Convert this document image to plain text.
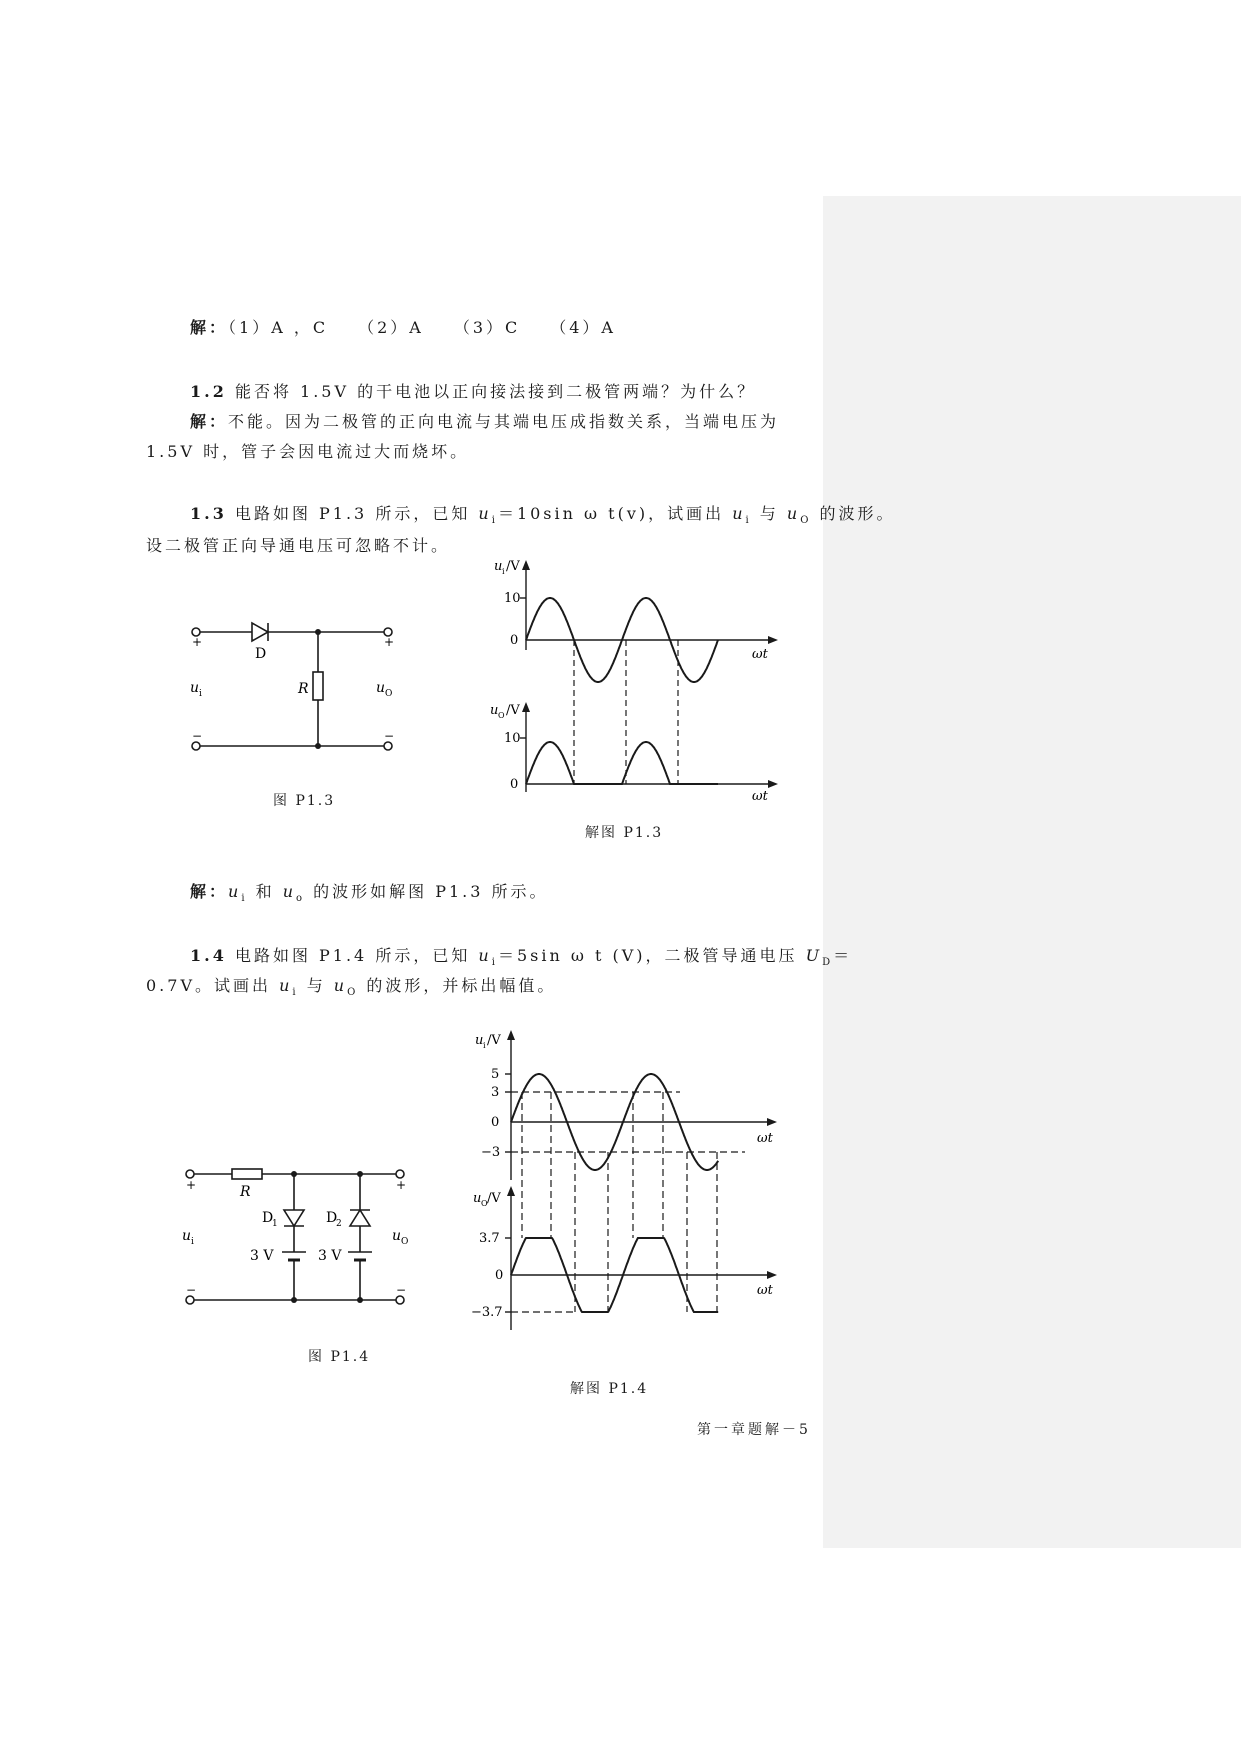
解：（1）A ，C　　（2）A　　（3）C　　（4）A
1.2 能否将 1.5V 的干电池以正向接法接到二极管两端？为什么？
解：不能。因为二极管的正向电流与其端电压成指数关系，当端电压为
1.5V 时，管子会因电流过大而烧坏。
1.3 电路如图 P1.3 所示，已知 $u_i=10\sin$ ω t(v)，试画出 $u_i$ 与 $u_O$ 的波形。
设二极管正向导通电压可忽略不计。
+	+
−	−
D
R
u i	u O
图 P1.3
u i /V
10
0
ωt
u O /V
10
0
ωt
解图 P1.3
解：$u_i$ 和 $u_o$ 的波形如解图 P1.3 所示。
1.4 电路如图 P1.4 所示，已知 $u_i=5\sin$ ω t (V)，二极管导通电压 $U_D=$
0.7V。试画出 $u_i$ 与 $u_O$ 的波形，并标出幅值。
+	+
−	−
R
D
1	D
2
3 V	3 V
u i	u O
图 P1.4
u i /V
5
3
0
−3
ωt
u O /V
3.7
0
−3.7
ωt
解图 P1.4
第一章题解－5
